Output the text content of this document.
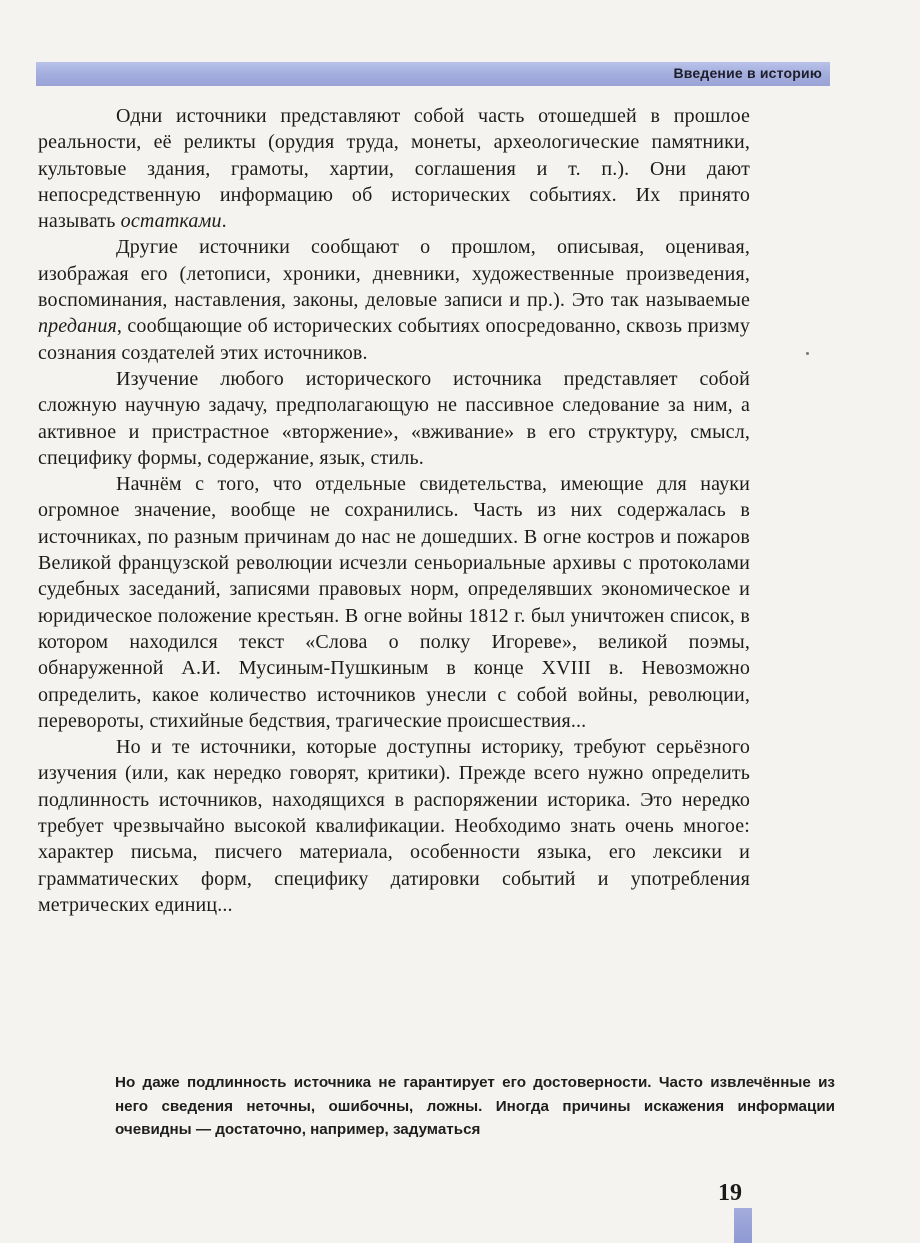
Введение в историю

Одни источники представляют собой часть отошедшей в прошлое реальности, её реликты (орудия труда, монеты, археологические памятники, культовые здания, грамоты, хартии, соглашения и т. п.). Они дают непосредственную информацию об исторических событиях. Их принято называть остатками.

Другие источники сообщают о прошлом, описывая, оценивая, изображая его (летописи, хроники, дневники, художественные произведения, воспоминания, наставления, законы, деловые записи и пр.). Это так называемые предания, сообщающие об исторических событиях опосредованно, сквозь призму сознания создателей этих источников.

Изучение любого исторического источника представляет собой сложную научную задачу, предполагающую не пассивное следование за ним, а активное и пристрастное «вторжение», «вживание» в его структуру, смысл, специфику формы, содержание, язык, стиль.

Начнём с того, что отдельные свидетельства, имеющие для науки огромное значение, вообще не сохранились. Часть из них содержалась в источниках, по разным причинам до нас не дошедших. В огне костров и пожаров Великой французской революции исчезли сеньориальные архивы с протоколами судебных заседаний, записями правовых норм, определявших экономическое и юридическое положение крестьян. В огне войны 1812 г. был уничтожен список, в котором находился текст «Слова о полку Игореве», великой поэмы, обнаруженной А.И. Мусиным-Пушкиным в конце XVIII в. Невозможно определить, какое количество источников унесли с собой войны, революции, перевороты, стихийные бедствия, трагические происшествия...

Но и те источники, которые доступны историку, требуют серьёзного изучения (или, как нередко говорят, критики). Прежде всего нужно определить подлинность источников, находящихся в распоряжении историка. Это нередко требует чрезвычайно высокой квалификации. Необходимо знать очень многое: характер письма, писчего материала, особенности языка, его лексики и грамматических форм, специфику датировки событий и употребления метрических единиц...

Но даже подлинность источника не гарантирует его достоверности. Часто извлечённые из него сведения неточны, ошибочны, ложны. Иногда причины искажения информации очевидны — достаточно, например, задуматься

19
